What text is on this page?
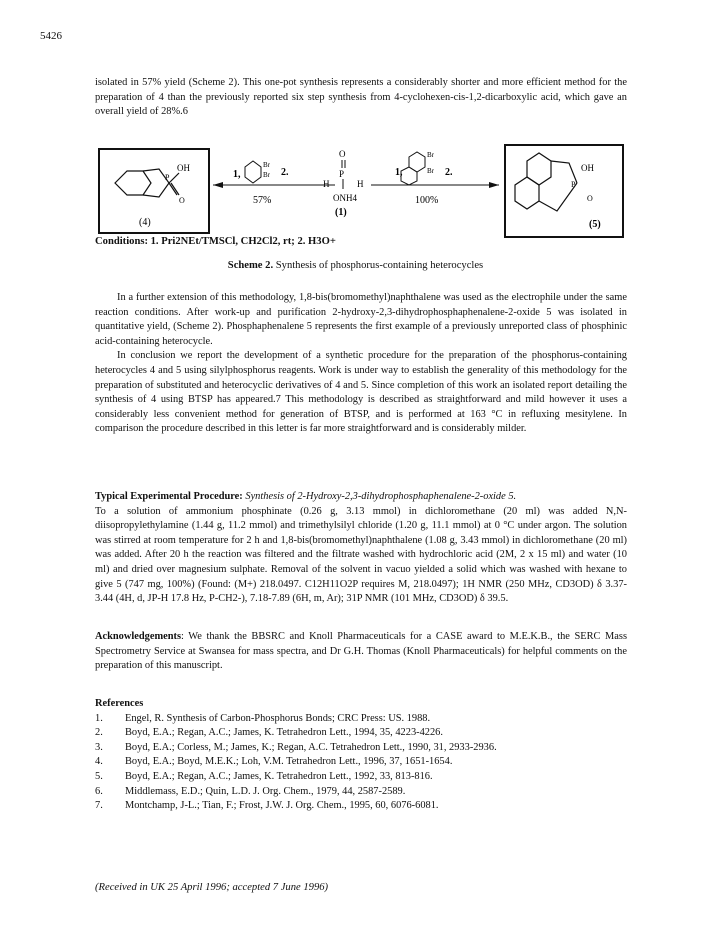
5426

isolated in 57% yield (Scheme 2). This one-pot synthesis represents a considerably shorter and more efficient method for the preparation of 4 than the previously reported six step synthesis from 4-cyclohexen-cis-1,2-dicarboxylic acid, which gave an overall yield of 28%.6

OH
P
O
(4)
1,
Br
Br 2.
57%
O
P
H	H
ONH4
(1)
1,
Br
Br 2.
100%
OH
P
O
(5)
Conditions: 1. Pri2NEt/TMSCl, CH2Cl2, rt; 2. H3O+
Scheme 2. Synthesis of phosphorus-containing heterocycles

In a further extension of this methodology, 1,8-bis(bromomethyl)naphthalene was used as the electrophile under the same reaction conditions. After work-up and purification 2-hydroxy-2,3-dihydrophosphaphenalene-2-oxide 5 was isolated in quantitative yield, (Scheme 2). Phosphaphenalene 5 represents the first example of a previously unreported class of phosphinic acid-containing heterocycle.

In conclusion we report the development of a synthetic procedure for the preparation of the phosphorus-containing heterocycles 4 and 5 using silylphosphorus reagents. Work is under way to establish the generality of this methodology for the preparation of substituted and heterocyclic derivatives of 4 and 5. Since completion of this work an isolated report detailing the synthesis of 4 using BTSP has appeared.7 This methodology is described as straightforward and mild however it uses a considerably less convenient method for generation of BTSP, and is performed at 163 °C in refluxing mesitylene. In comparison the procedure described in this letter is far more straightforward and is considerably milder.

Typical Experimental Procedure: Synthesis of 2-Hydroxy-2,3-dihydrophosphaphenalene-2-oxide 5.

To a solution of ammonium phosphinate (0.26 g, 3.13 mmol) in dichloromethane (20 ml) was added N,N-diisopropylethylamine (1.44 g, 11.2 mmol) and trimethylsilyl chloride (1.20 g, 11.1 mmol) at 0 °C under argon. The solution was stirred at room temperature for 2 h and 1,8-bis(bromomethyl)naphthalene (1.08 g, 3.43 mmol) in dichloromethane (20 ml) was added. After 20 h the reaction was filtered and the filtrate washed with hydrochloric acid (2M, 2 x 15 ml) and water (10 ml) and dried over magnesium sulphate. Removal of the solvent in vacuo yielded a solid which was washed with hexane to give 5 (747 mg, 100%) (Found: (M+) 218.0497. C12H11O2P requires M, 218.0497); 1H NMR (250 MHz, CD3OD) δ 3.37-3.44 (4H, d, JP-H 17.8 Hz, P-CH2-), 7.18-7.89 (6H, m, Ar); 31P NMR (101 MHz, CD3OD) δ 39.5.

Acknowledgements: We thank the BBSRC and Knoll Pharmaceuticals for a CASE award to M.E.K.B., the SERC Mass Spectrometry Service at Swansea for mass spectra, and Dr G.H. Thomas (Knoll Pharmaceuticals) for helpful comments on the preparation of this manuscript.

References

1.	Engel, R. Synthesis of Carbon-Phosphorus Bonds; CRC Press: US. 1988.
2.	Boyd, E.A.; Regan, A.C.; James, K. Tetrahedron Lett., 1994, 35, 4223-4226.
3.	Boyd, E.A.; Corless, M.; James, K.; Regan, A.C. Tetrahedron Lett., 1990, 31, 2933-2936.
4.	Boyd, E.A.; Boyd, M.E.K.; Loh, V.M. Tetrahedron Lett., 1996, 37, 1651-1654.
5.	Boyd, E.A.; Regan, A.C.; James, K. Tetrahedron Lett., 1992, 33, 813-816.
6.	Middlemass, E.D.; Quin, L.D. J. Org. Chem., 1979, 44, 2587-2589.
7.	Montchamp, J-L.; Tian, F.; Frost, J.W. J. Org. Chem., 1995, 60, 6076-6081.
(Received in UK 25 April 1996; accepted 7 June 1996)
